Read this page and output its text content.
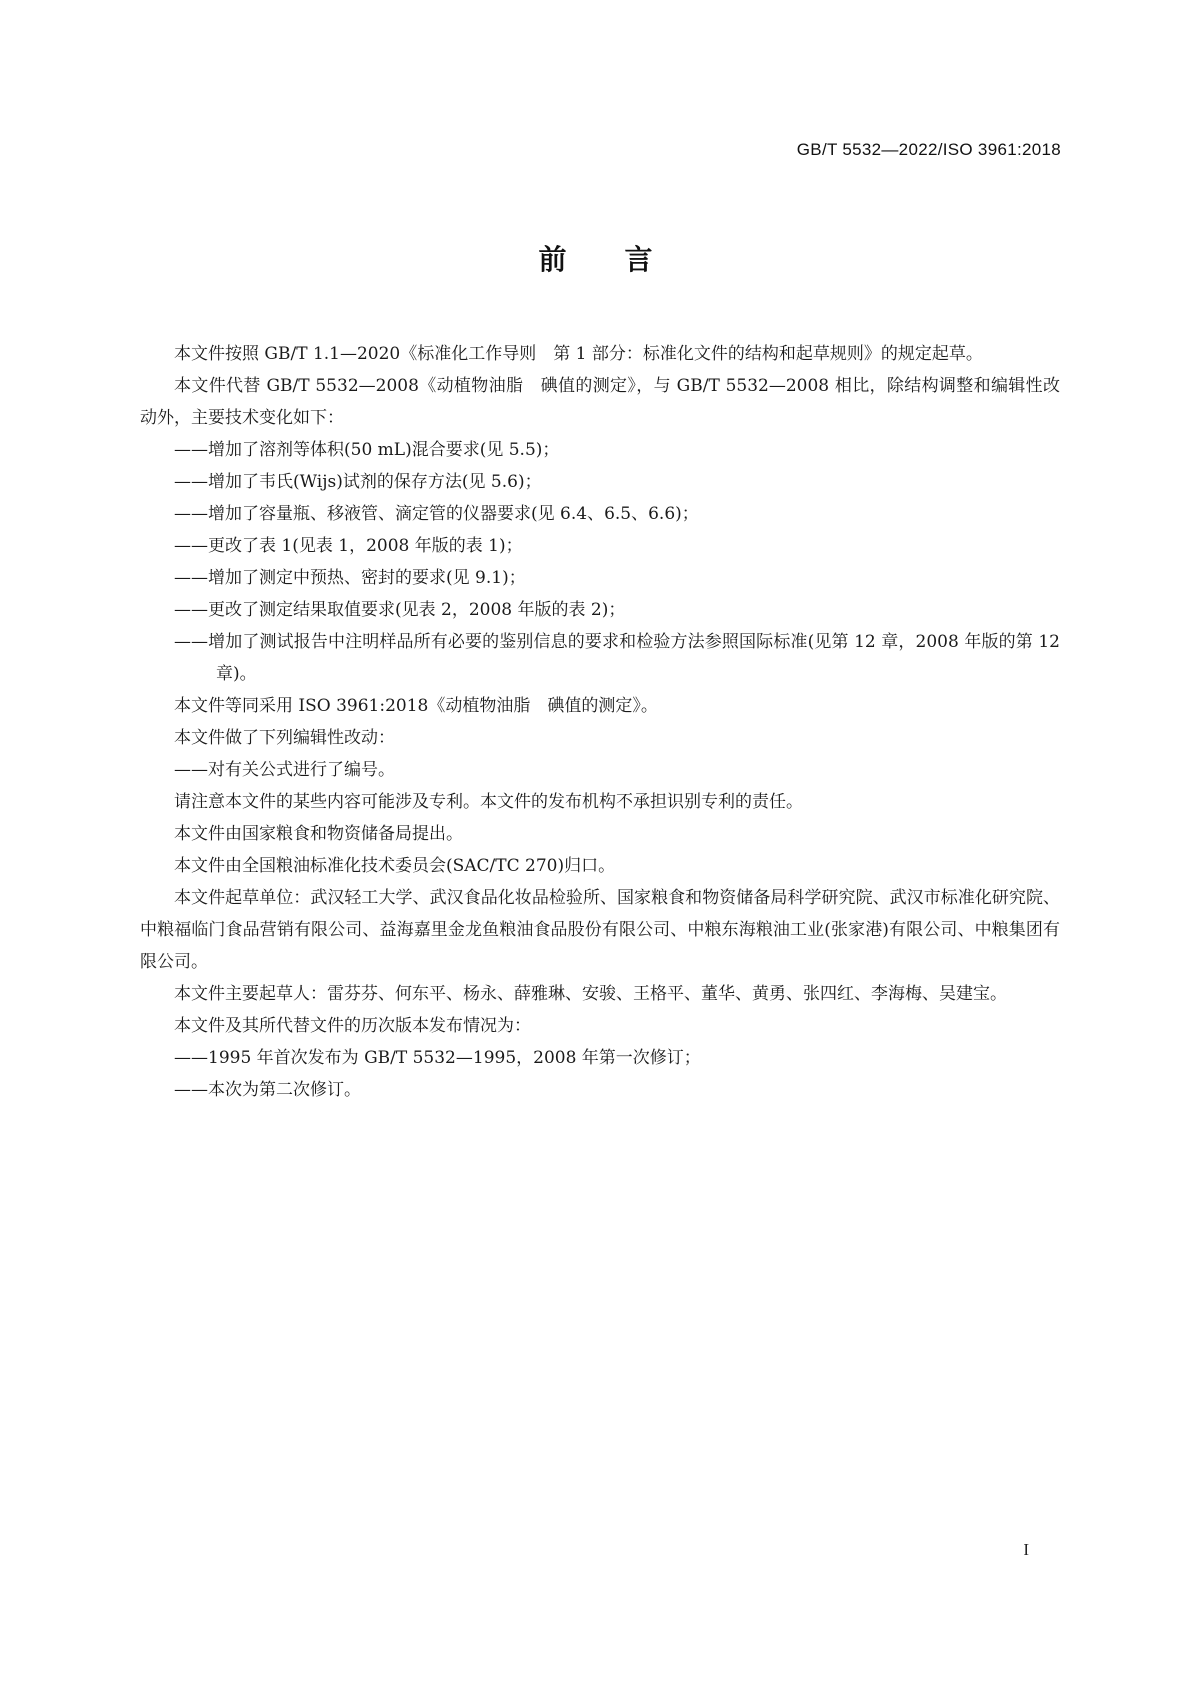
GB/T 5532—2022/ISO 3961:2018
前言

本文件按照 GB/T 1.1—2020《标准化工作导则　第 1 部分：标准化文件的结构和起草规则》的规定起草。

本文件代替 GB/T 5532—2008《动植物油脂　碘值的测定》，与 GB/T 5532—2008 相比，除结构调整和编辑性改动外，主要技术变化如下：

——增加了溶剂等体积(50 mL)混合要求(见 5.5)；

——增加了韦氏(Wijs)试剂的保存方法(见 5.6)；

——增加了容量瓶、移液管、滴定管的仪器要求(见 6.4、6.5、6.6)；

——更改了表 1(见表 1，2008 年版的表 1)；

——增加了测定中预热、密封的要求(见 9.1)；

——更改了测定结果取值要求(见表 2，2008 年版的表 2)；

——增加了测试报告中注明样品所有必要的鉴别信息的要求和检验方法参照国际标准(见第 12 章，2008 年版的第 12 章)。

本文件等同采用 ISO 3961:2018《动植物油脂　碘值的测定》。

本文件做了下列编辑性改动：

——对有关公式进行了编号。

请注意本文件的某些内容可能涉及专利。本文件的发布机构不承担识别专利的责任。

本文件由国家粮食和物资储备局提出。

本文件由全国粮油标准化技术委员会(SAC/TC 270)归口。

本文件起草单位：武汉轻工大学、武汉食品化妆品检验所、国家粮食和物资储备局科学研究院、武汉市标准化研究院、中粮福临门食品营销有限公司、益海嘉里金龙鱼粮油食品股份有限公司、中粮东海粮油工业(张家港)有限公司、中粮集团有限公司。

本文件主要起草人：雷芬芬、何东平、杨永、薛雅琳、安骏、王格平、董华、黄勇、张四红、李海梅、吴建宝。

本文件及其所代替文件的历次版本发布情况为：

——1995 年首次发布为 GB/T 5532—1995，2008 年第一次修订；

——本次为第二次修订。

I
